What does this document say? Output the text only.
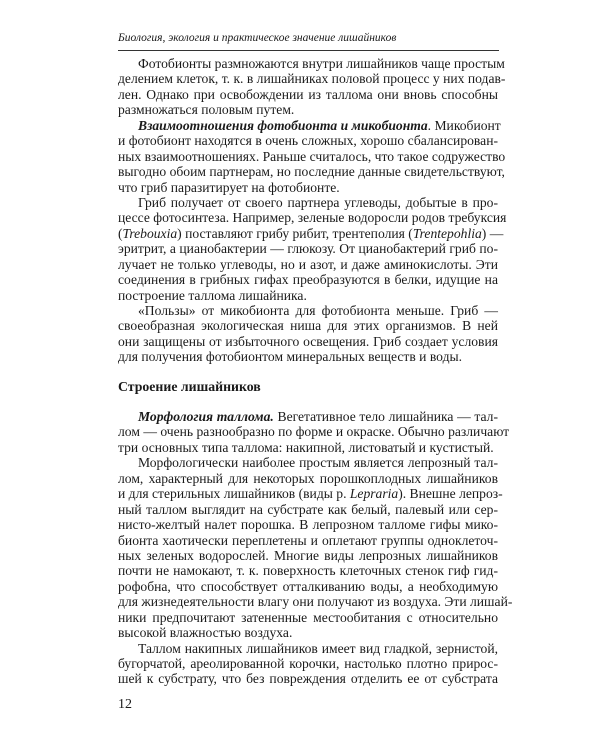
Биология, экология и практическое значение лишайников
Фотобионты размножаются внутри лишайников чаще простым
делением клеток, т. к. в лишайниках половой процесс у них подав-
лен. Однако при освобождении из таллома они вновь способны
размножаться половым путем.
Взаимоотношения фотобионта и микобионта. Микобионт
и фотобионт находятся в очень сложных, хорошо сбалансирован-
ных взаимоотношениях. Раньше считалось, что такое содружество
выгодно обоим партнерам, но последние данные свидетельствуют,
что гриб паразитирует на фотобионте.
Гриб получает от своего партнера углеводы, добытые в про-
цессе фотосинтеза. Например, зеленые водоросли родов требуксия
(Trebouxia) поставляют грибу рибит, трентеполия (Trentepohlia) —
эритрит, а цианобактерии — глюкозу. От цианобактерий гриб по-
лучает не только углеводы, но и азот, и даже аминокислоты. Эти
соединения в грибных гифах преобразуются в белки, идущие на
построение таллома лишайника.
«Пользы» от микобионта для фотобионта меньше. Гриб —
своеобразная экологическая ниша для этих организмов. В ней
они защищены от избыточного освещения. Гриб создает условия
для получения фотобионтом минеральных веществ и воды.
Строение лишайников
Морфология таллома. Вегетативное тело лишайника — тал-
лом — очень разнообразно по форме и окраске. Обычно различают
три основных типа таллома: накипной, листоватый и кустистый.
Морфологически наиболее простым является лепрозный тал-
лом, характерный для некоторых порошкоплодных лишайников
и для стерильных лишайников (виды р. Lepraria). Внешне лепроз-
ный таллом выглядит на субстрате как белый, палевый или сер-
нисто-желтый налет порошка. В лепрозном талломе гифы мико-
бионта хаотически переплетены и оплетают группы одноклеточ-
ных зеленых водорослей. Многие виды лепрозных лишайников
почти не намокают, т. к. поверхность клеточных стенок гиф гид-
рофобна, что способствует отталкиванию воды, а необходимую
для жизнедеятельности влагу они получают из воздуха. Эти лишай-
ники предпочитают затененные местообитания с относительно
высокой влажностью воздуха.
Таллом накипных лишайников имеет вид гладкой, зернистой,
бугорчатой, ареолированной корочки, настолько плотно прирос-
шей к субстрату, что без повреждения отделить ее от субстрата
12
